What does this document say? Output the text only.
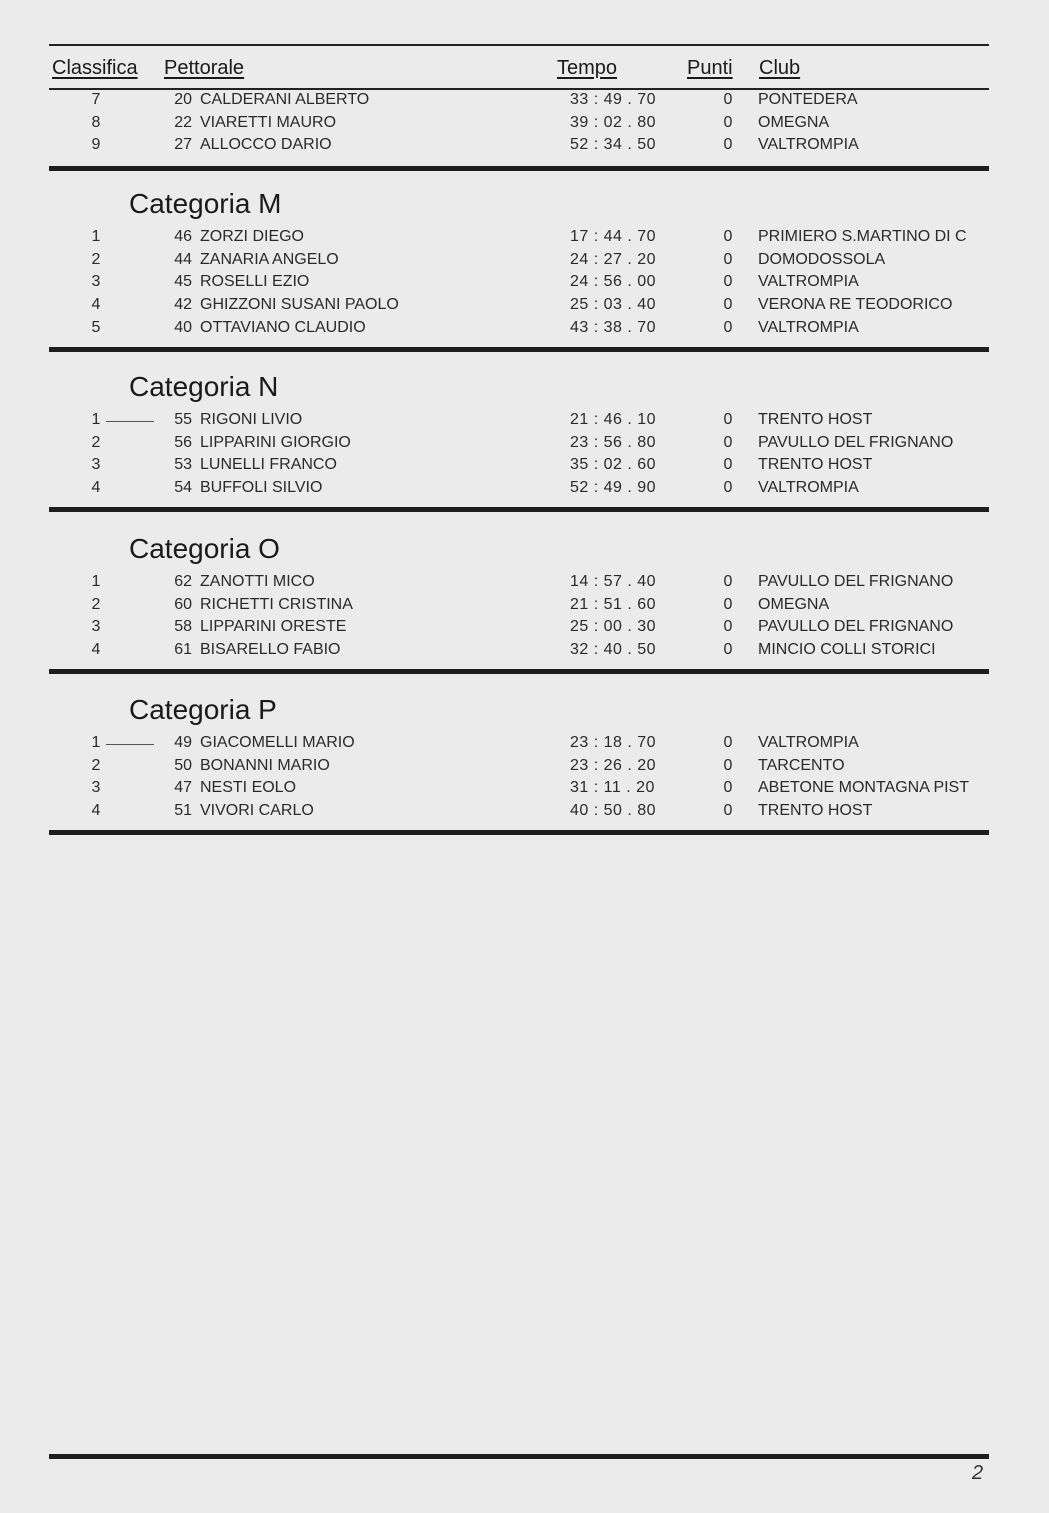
Classifica Pettorale	Tempo	Punti Club
7	20 CALDERANI ALBERTO	33 : 49 . 70	0 PONTEDERA
8	22 VIARETTI MAURO	39 : 02 . 80	0 OMEGNA
9	27 ALLOCCO DARIO	52 : 34 . 50	0 VALTROMPIA
Categoria M
1	46 ZORZI DIEGO	17 : 44 . 70	0 PRIMIERO S.MARTINO DI C
2	44 ZANARIA ANGELO	24 : 27 . 20	0 DOMODOSSOLA
3	45 ROSELLI EZIO	24 : 56 . 00	0 VALTROMPIA
4	42 GHIZZONI SUSANI PAOLO	25 : 03 . 40	0 VERONA RE TEODORICO
5	40 OTTAVIANO CLAUDIO	43 : 38 . 70	0 VALTROMPIA
Categoria N
1	55 RIGONI LIVIO	21 : 46 . 10	0 TRENTO HOST
2	56 LIPPARINI GIORGIO	23 : 56 . 80	0 PAVULLO DEL FRIGNANO
3	53 LUNELLI FRANCO	35 : 02 . 60	0 TRENTO HOST
4	54 BUFFOLI SILVIO	52 : 49 . 90	0 VALTROMPIA
Categoria O
1	62 ZANOTTI MICO	14 : 57 . 40	0 PAVULLO DEL FRIGNANO
2	60 RICHETTI CRISTINA	21 : 51 . 60	0 OMEGNA
3	58 LIPPARINI ORESTE	25 : 00 . 30	0 PAVULLO DEL FRIGNANO
4	61 BISARELLO FABIO	32 : 40 . 50	0 MINCIO COLLI STORICI
Categoria P
1	49 GIACOMELLI MARIO	23 : 18 . 70	0 VALTROMPIA
2	50 BONANNI MARIO	23 : 26 . 20	0 TARCENTO
3	47 NESTI EOLO	31 : 11 . 20	0 ABETONE MONTAGNA PIST
4	51 VIVORI CARLO	40 : 50 . 80	0 TRENTO HOST
2
